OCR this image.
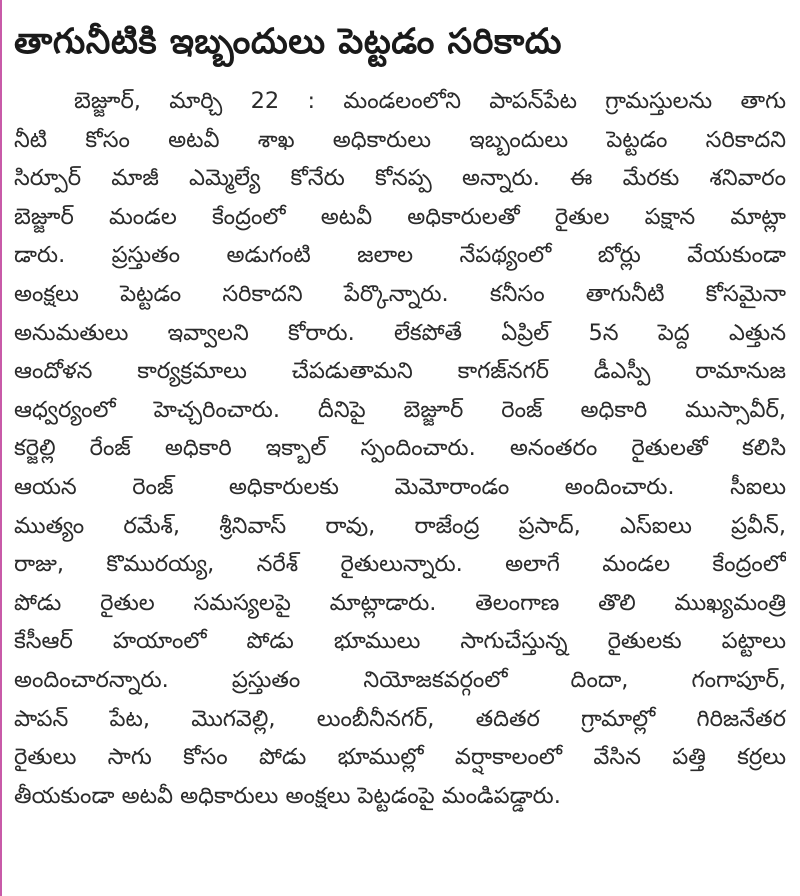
తాగునీటికి ఇబ్బందులు పెట్టడం సరికాదు
బెజ్జూర్, మార్చి 22 : మండలంలోని పాపన్‌పేట గ్రామస్తులను తాగు
నీటి కోసం అటవీ శాఖ అధికారులు ఇబ్బందులు పెట్టడం సరికాదని
సిర్పూర్ మాజీ ఎమ్మెల్యే కోనేరు కోనప్ప అన్నారు. ఈ మేరకు శనివారం
బెజ్జూర్ మండల కేంద్రంలో అటవీ అధికారులతో రైతుల పక్షాన మాట్లా
డారు. ప్రస్తుతం అడుగంటి జలాల నేపథ్యంలో బోర్లు వేయకుండా
అంక్షలు పెట్టడం సరికాదని పేర్కొన్నారు. కనీసం తాగునీటి కోసమైనా
అనుమతులు ఇవ్వాలని కోరారు. లేకపోతే ఏప్రిల్ 5న పెద్ద ఎత్తున
ఆందోళన కార్యక్రమాలు చేపడుతామని కాగజ్‌నగర్ డీఎస్పీ రామానుజ
ఆధ్వర్యంలో హెచ్చరించారు. దీనిపై బెజ్జూర్ రెంజ్ అధికారి ముస్సావీర్,
కర్జెల్లి రేంజ్ అధికారి ఇక్బాల్ స్పందించారు. అనంతరం రైతులతో కలిసి
ఆయన రెంజ్ అధికారులకు మెమోరాండం అందించారు. సీఐలు
ముత్యం రమేశ్, శ్రీనివాస్ రావు, రాజేంద్ర ప్రసాద్, ఎస్ఐలు ప్రవీన్,
రాజు, కొమురయ్య, నరేశ్ రైతులున్నారు. అలాగే మండల కేంద్రంలో
పోడు రైతుల సమస్యలపై మాట్లాడారు. తెలంగాణ తొలి ముఖ్యమంత్రి
కేసీఆర్ హయాంలో పోడు భూములు సాగుచేస్తున్న రైతులకు పట్టాలు
అందించారన్నారు. ప్రస్తుతం నియోజకవర్గంలో దిందా, గంగాపూర్,
పాపన్ పేట, మొగవెల్లి, లుంబీనీనగర్, తదితర గ్రామాల్లో గిరిజనేతర
రైతులు సాగు కోసం పోడు భూముల్లో వర్షాకాలంలో వేసిన పత్తి కర్రలు
తీయకుండా అటవీ అధికారులు అంక్షలు పెట్టడంపై మండిపడ్డారు.
